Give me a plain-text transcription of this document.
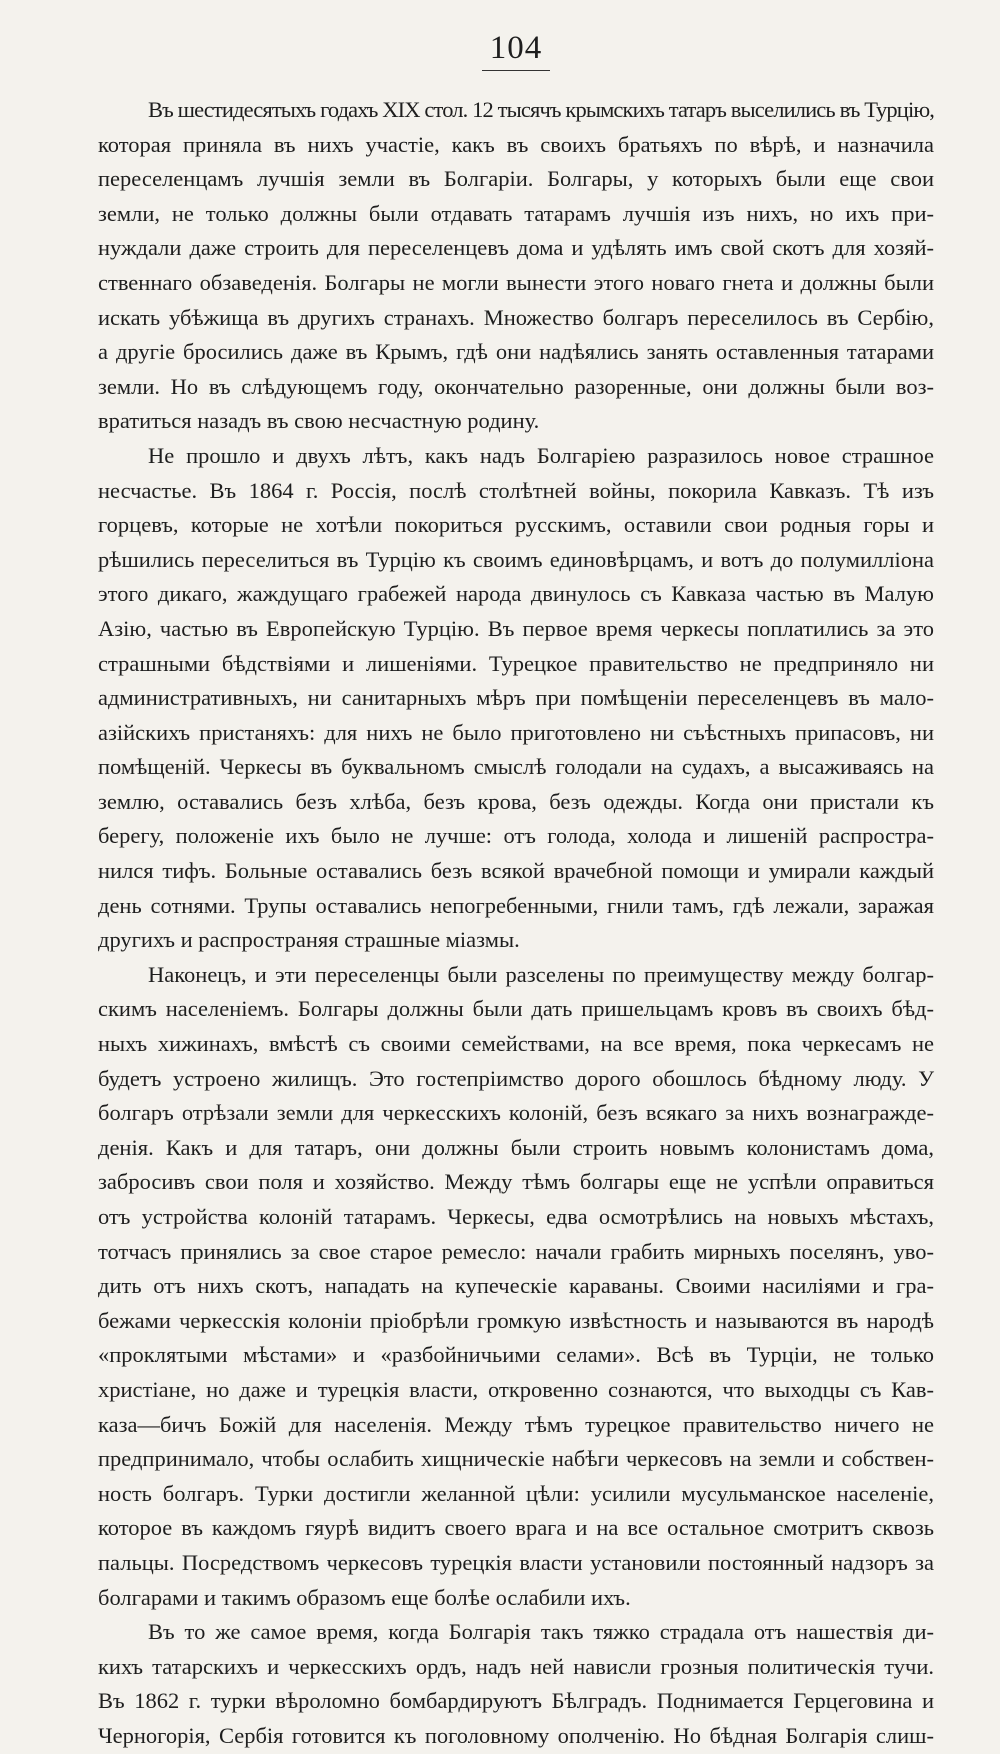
104
Въ шестидесятыхъ годахъ XIX стол. 12 тысячъ крымскихъ татаръ выселились въ Турцію,
которая приняла въ нихъ участіе, какъ въ своихъ братьяхъ по вѣрѣ, и назначила
переселенцамъ лучшія земли въ Болгаріи. Болгары, у которыхъ были еще свои
земли, не только должны были отдавать татарамъ лучшія изъ нихъ, но ихъ при-
нуждали даже строить для переселенцевъ дома и удѣлять имъ свой скотъ для хозяй-
ственнаго обзаведенія. Болгары не могли вынести этого новаго гнета и должны были
искать убѣжища въ другихъ странахъ. Множество болгаръ переселилось въ Сербію,
а другіе бросились даже въ Крымъ, гдѣ они надѣялись занять оставленныя татарами
земли. Но въ слѣдующемъ году, окончательно разоренные, они должны были воз-
вратиться назадъ въ свою несчастную родину.
Не прошло и двухъ лѣтъ, какъ надъ Болгаріею разразилось новое страшное
несчастье. Въ 1864 г. Россія, послѣ столѣтней войны, покорила Кавказъ. Тѣ изъ
горцевъ, которые не хотѣли покориться русскимъ, оставили свои родныя горы и
рѣшились переселиться въ Турцію къ своимъ единовѣрцамъ, и вотъ до полумилліона
этого дикаго, жаждущаго грабежей народа двинулось съ Кавказа частью въ Малую
Азію, частью въ Европейскую Турцію. Въ первое время черкесы поплатились за это
страшными бѣдствіями и лишеніями. Турецкое правительство не предприняло ни
административныхъ, ни санитарныхъ мѣръ при помѣщеніи переселенцевъ въ мало-
азійскихъ пристаняхъ: для нихъ не было приготовлено ни съѣстныхъ припасовъ, ни
помѣщеній. Черкесы въ буквальномъ смыслѣ голодали на судахъ, а высаживаясь на
землю, оставались безъ хлѣба, безъ крова, безъ одежды. Когда они пристали къ
берегу, положеніе ихъ было не лучше: отъ голода, холода и лишеній распростра-
нился тифъ. Больные оставались безъ всякой врачебной помощи и умирали каждый
день сотнями. Трупы оставались непогребенными, гнили тамъ, гдѣ лежали, заражая
другихъ и распространяя страшные міазмы.
Наконецъ, и эти переселенцы были разселены по преимуществу между болгар-
скимъ населеніемъ. Болгары должны были дать пришельцамъ кровъ въ своихъ бѣд-
ныхъ хижинахъ, вмѣстѣ съ своими семействами, на все время, пока черкесамъ не
будетъ устроено жилищъ. Это гостепріимство дорого обошлось бѣдному люду. У
болгаръ отрѣзали земли для черкесскихъ колоній, безъ всякаго за нихъ вознагражде-
денія. Какъ и для татаръ, они должны были строить новымъ колонистамъ дома,
забросивъ свои поля и хозяйство. Между тѣмъ болгары еще не успѣли оправиться
отъ устройства колоній татарамъ. Черкесы, едва осмотрѣлись на новыхъ мѣстахъ,
тотчасъ принялись за свое старое ремесло: начали грабить мирныхъ поселянъ, уво-
дить отъ нихъ скотъ, нападать на купеческіе караваны. Своими насиліями и гра-
бежами черкесскія колоніи пріобрѣли громкую извѣстность и называются въ народѣ
«проклятыми мѣстами» и «разбойничьими селами». Всѣ въ Турціи, не только
христіане, но даже и турецкія власти, откровенно сознаются, что выходцы съ Кав-
каза—бичъ Божій для населенія. Между тѣмъ турецкое правительство ничего не
предпринимало, чтобы ослабить хищническіе набѣги черкесовъ на земли и собствен-
ность болгаръ. Турки достигли желанной цѣли: усилили мусульманское населеніе,
которое въ каждомъ гяурѣ видитъ своего врага и на все остальное смотритъ сквозь
пальцы. Посредствомъ черкесовъ турецкія власти установили постоянный надзоръ за
болгарами и такимъ образомъ еще болѣе ослабили ихъ.
Въ то же самое время, когда Болгарія такъ тяжко страдала отъ нашествія ди-
кихъ татарскихъ и черкесскихъ ордъ, надъ ней нависли грозныя политическія тучи.
Въ 1862 г. турки вѣроломно бомбардируютъ Бѣлградъ. Поднимается Герцеговина и
Черногорія, Сербія готовится къ поголовному ополченію. Но бѣдная Болгарія слиш-
